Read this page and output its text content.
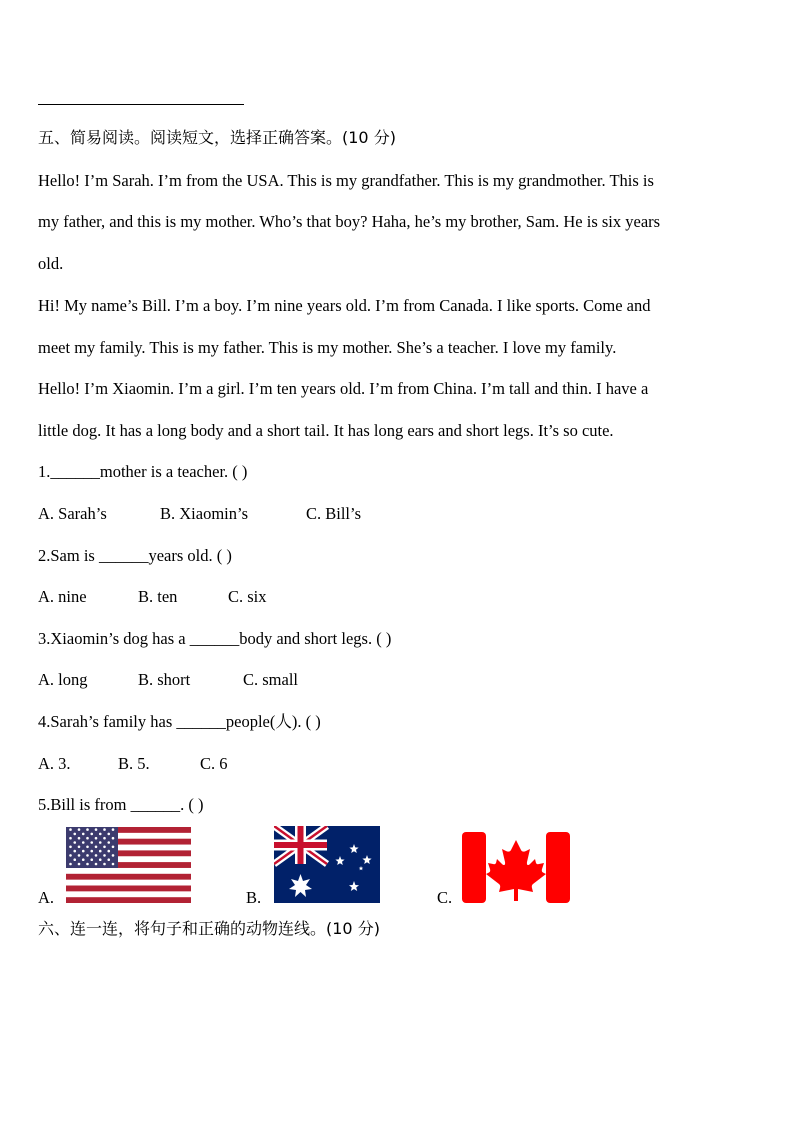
五、简易阅读。阅读短文，选择正确答案。(10 分)
Hello! I’m Sarah. I’m from the USA. This is my grandfather. This is my grandmother. This is
my father, and this is my mother. Who’s that boy? Haha, he’s my brother, Sam. He is six years
old.
Hi! My name’s Bill. I’m a boy. I’m nine years old. I’m from Canada. I like sports. Come and
meet my family. This is my father. This is my mother. She’s a teacher. I love my family.
Hello! I’m Xiaomin. I’m a girl. I’m ten years old. I’m from China. I’m tall and thin. I have a
little dog. It has a long body and a short tail. It has long ears and short legs. It’s so cute.
1.______mother is a teacher. ( )
A. Sarah’s	B. Xiaomin’s	C. Bill’s
2.Sam is ______years old. ( )
A. nine	B. ten	C. six
3.Xiaomin’s dog has a ______body and short legs. ( )
A. long	B. short	C. small
4.Sarah’s family has ______people(人). ( )
A. 3.	B. 5.	C. 6
5.Bill is from ______. ( )
A.	B.	C.
六、连一连，将句子和正确的动物连线。(10 分)
